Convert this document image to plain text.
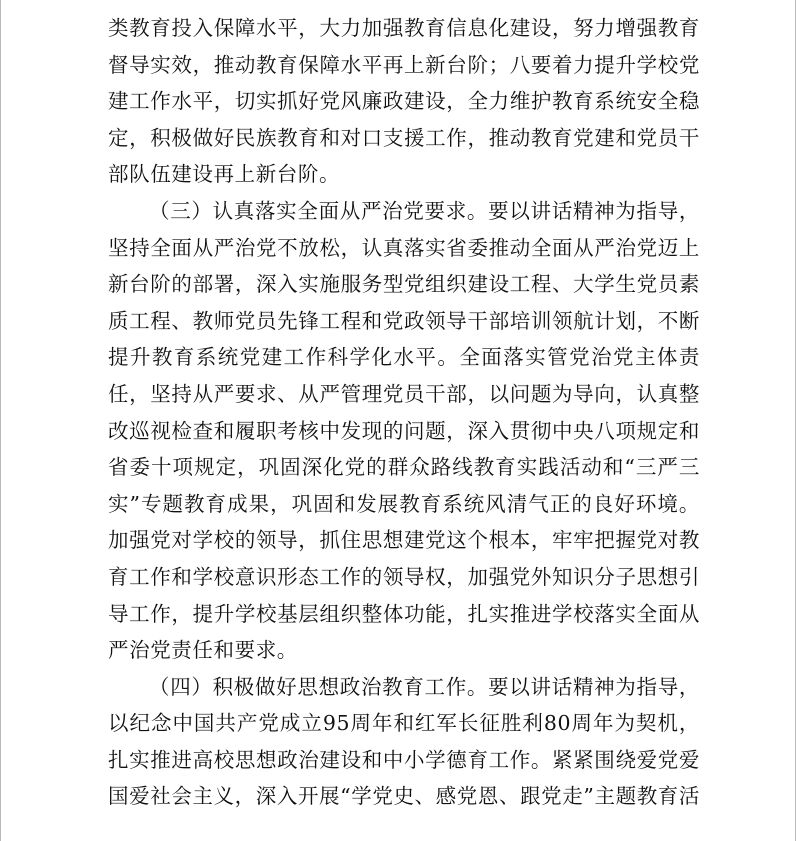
类教育投入保障水平，大力加强教育信息化建设，努力增强教育
督导实效，推动教育保障水平再上新台阶；八要着力提升学校党
建工作水平，切实抓好党风廉政建设，全力维护教育系统安全稳
定，积极做好民族教育和对口支援工作，推动教育党建和党员干
部队伍建设再上新台阶。
（三）认真落实全面从严治党要求。要以讲话精神为指导，
坚持全面从严治党不放松，认真落实省委推动全面从严治党迈上
新台阶的部署，深入实施服务型党组织建设工程、大学生党员素
质工程、教师党员先锋工程和党政领导干部培训领航计划，不断
提升教育系统党建工作科学化水平。全面落实管党治党主体责
任，坚持从严要求、从严管理党员干部，以问题为导向，认真整
改巡视检查和履职考核中发现的问题，深入贯彻中央八项规定和
省委十项规定，巩固深化党的群众路线教育实践活动和“三严三
实”专题教育成果，巩固和发展教育系统风清气正的良好环境。
加强党对学校的领导，抓住思想建党这个根本，牢牢把握党对教
育工作和学校意识形态工作的领导权，加强党外知识分子思想引
导工作，提升学校基层组织整体功能，扎实推进学校落实全面从
严治党责任和要求。
（四）积极做好思想政治教育工作。要以讲话精神为指导，
以纪念中国共产党成立95周年和红军长征胜利80周年为契机，
扎实推进高校思想政治建设和中小学德育工作。紧紧围绕爱党爱
国爱社会主义，深入开展“学党史、感党恩、跟党走”主题教育活
